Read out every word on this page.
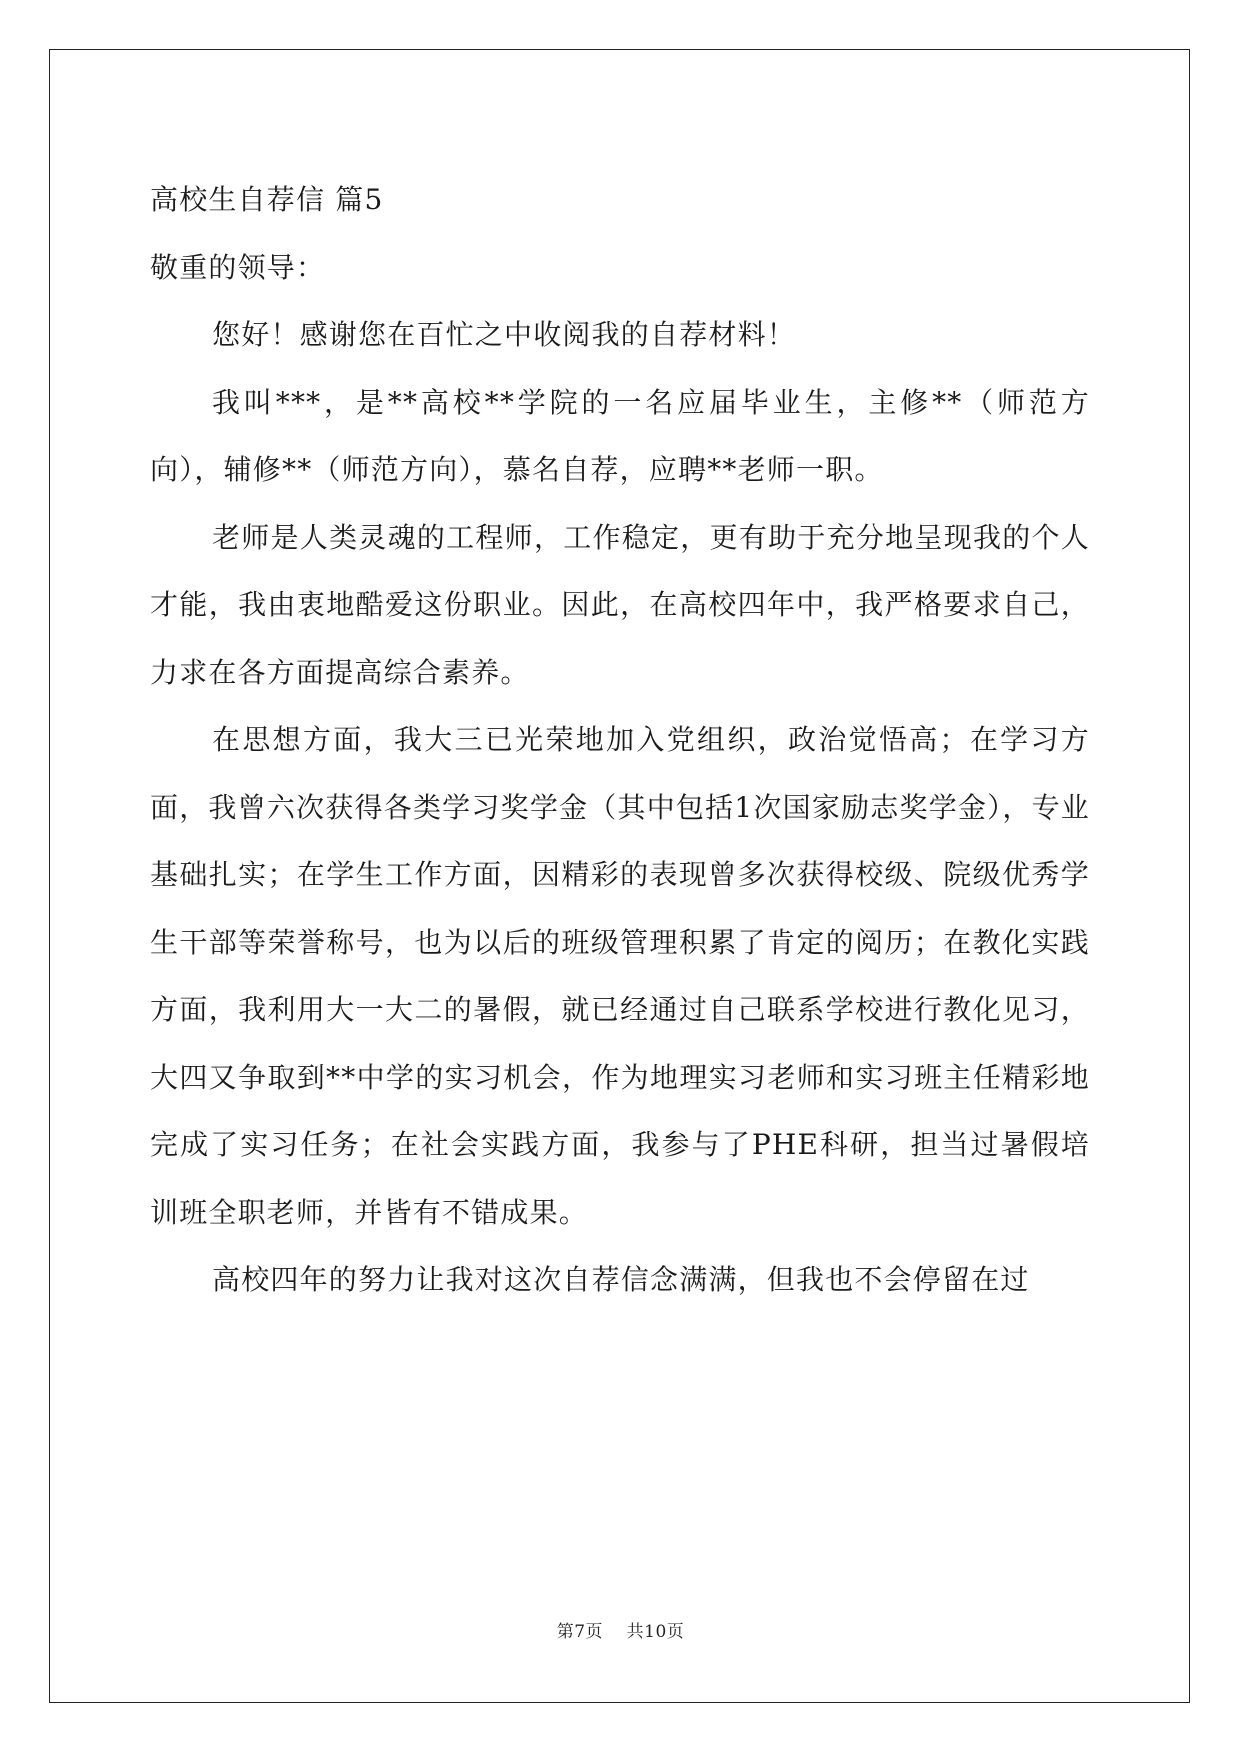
高校生自荐信 篇5

敬重的领导：

您好！感谢您在百忙之中收阅我的自荐材料！

我叫***，是**高校**学院的一名应届毕业生，主修**（师范方向），辅修**（师范方向），慕名自荐，应聘**老师一职。

老师是人类灵魂的工程师，工作稳定，更有助于充分地呈现我的个人才能，我由衷地酷爱这份职业。因此，在高校四年中，我严格要求自己，力求在各方面提高综合素养。

在思想方面，我大三已光荣地加入党组织，政治觉悟高；在学习方面，我曾六次获得各类学习奖学金（其中包括1次国家励志奖学金），专业基础扎实；在学生工作方面，因精彩的表现曾多次获得校级、院级优秀学生干部等荣誉称号，也为以后的班级管理积累了肯定的阅历；在教化实践方面，我利用大一大二的暑假，就已经通过自己联系学校进行教化见习，大四又争取到**中学的实习机会，作为地理实习老师和实习班主任精彩地完成了实习任务；在社会实践方面，我参与了PHE科研，担当过暑假培训班全职老师，并皆有不错成果。

高校四年的努力让我对这次自荐信念满满，但我也不会停留在过

第7页 共10页
